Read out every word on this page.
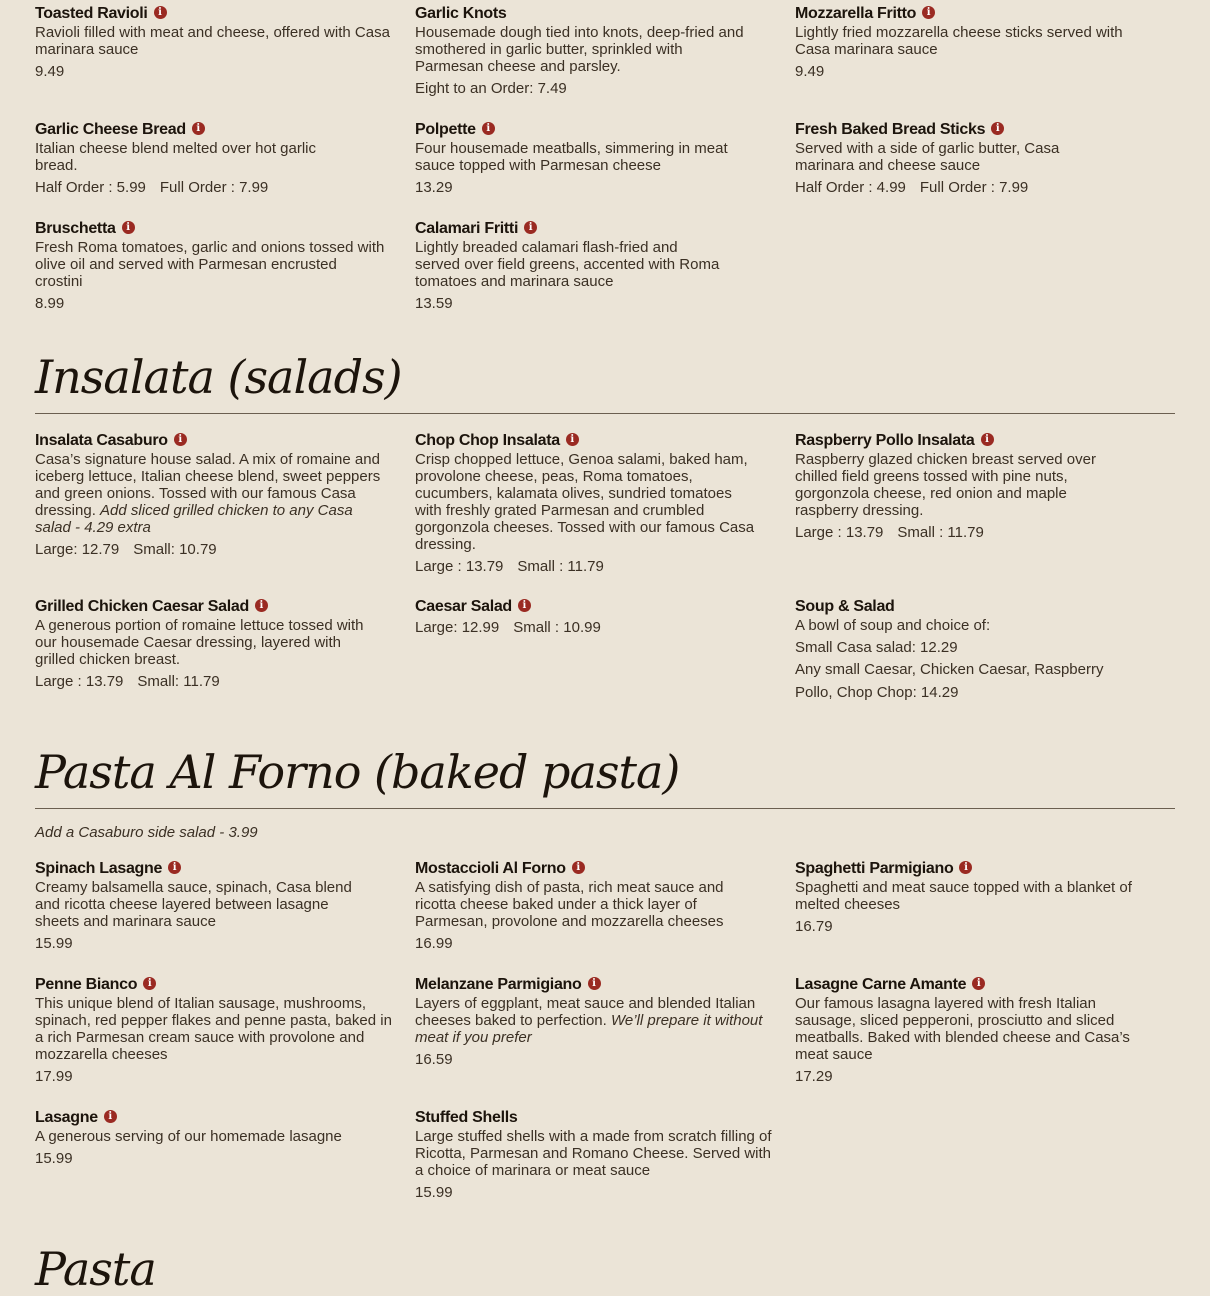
Toasted Ravioli i
Ravioli filled with meat and cheese, offered with Casa marinara sauce
9.49
Garlic Knots
Housemade dough tied into knots, deep-fried and smothered in garlic butter, sprinkled with Parmesan cheese and parsley.
Eight to an Order: 7.49
Mozzarella Fritto i
Lightly fried mozzarella cheese sticks served with Casa marinara sauce
9.49
Garlic Cheese Bread i
Italian cheese blend melted over hot garlic bread.
Half Order : 5.99 Full Order : 7.99
Polpette i
Four housemade meatballs, simmering in meat sauce topped with Parmesan cheese
13.29
Fresh Baked Bread Sticks i
Served with a side of garlic butter, Casa marinara and cheese sauce
Half Order : 4.99 Full Order : 7.99
Bruschetta i
Fresh Roma tomatoes, garlic and onions tossed with olive oil and served with Parmesan encrusted crostini
8.99
Calamari Fritti i
Lightly breaded calamari flash-fried and served over field greens, accented with Roma tomatoes and marinara sauce
13.59
Insalata (salads)
Insalata Casaburo i
Casa’s signature house salad. A mix of romaine and iceberg lettuce, Italian cheese blend, sweet peppers and green onions. Tossed with our famous Casa dressing. Add sliced grilled chicken to any Casa salad - 4.29 extra
Large: 12.79 Small: 10.79
Chop Chop Insalata i
Crisp chopped lettuce, Genoa salami, baked ham, provolone cheese, peas, Roma tomatoes, cucumbers, kalamata olives, sundried tomatoes with freshly grated Parmesan and crumbled gorgonzola cheeses. Tossed with our famous Casa dressing.
Large : 13.79 Small : 11.79
Raspberry Pollo Insalata i
Raspberry glazed chicken breast served over chilled field greens tossed with pine nuts, gorgonzola cheese, red onion and maple raspberry dressing.
Large : 13.79 Small : 11.79
Grilled Chicken Caesar Salad i
A generous portion of romaine lettuce tossed with our housemade Caesar dressing, layered with grilled chicken breast.
Large : 13.79 Small: 11.79
Caesar Salad i
Large: 12.99 Small : 10.99
Soup & Salad
A bowl of soup and choice of:
Small Casa salad: 12.29
Any small Caesar, Chicken Caesar, Raspberry Pollo, Chop Chop: 14.29
Pasta Al Forno (baked pasta)
Add a Casaburo side salad - 3.99
Spinach Lasagne i
Creamy balsamella sauce, spinach, Casa blend and ricotta cheese layered between lasagne sheets and marinara sauce
15.99
Mostaccioli Al Forno i
A satisfying dish of pasta, rich meat sauce and ricotta cheese baked under a thick layer of Parmesan, provolone and mozzarella cheeses
16.99
Spaghetti Parmigiano i
Spaghetti and meat sauce topped with a blanket of melted cheeses
16.79
Penne Bianco i
This unique blend of Italian sausage, mushrooms, spinach, red pepper flakes and penne pasta, baked in a rich Parmesan cream sauce with provolone and mozzarella cheeses
17.99
Melanzane Parmigiano i
Layers of eggplant, meat sauce and blended Italian cheeses baked to perfection. We’ll prepare it without meat if you prefer
16.59
Lasagne Carne Amante i
Our famous lasagna layered with fresh Italian sausage, sliced pepperoni, prosciutto and sliced meatballs. Baked with blended cheese and Casa’s meat sauce
17.29
Lasagne i
A generous serving of our homemade lasagne
15.99
Stuffed Shells
Large stuffed shells with a made from scratch filling of Ricotta, Parmesan and Romano Cheese. Served with a choice of marinara or meat sauce
15.99
Pasta
